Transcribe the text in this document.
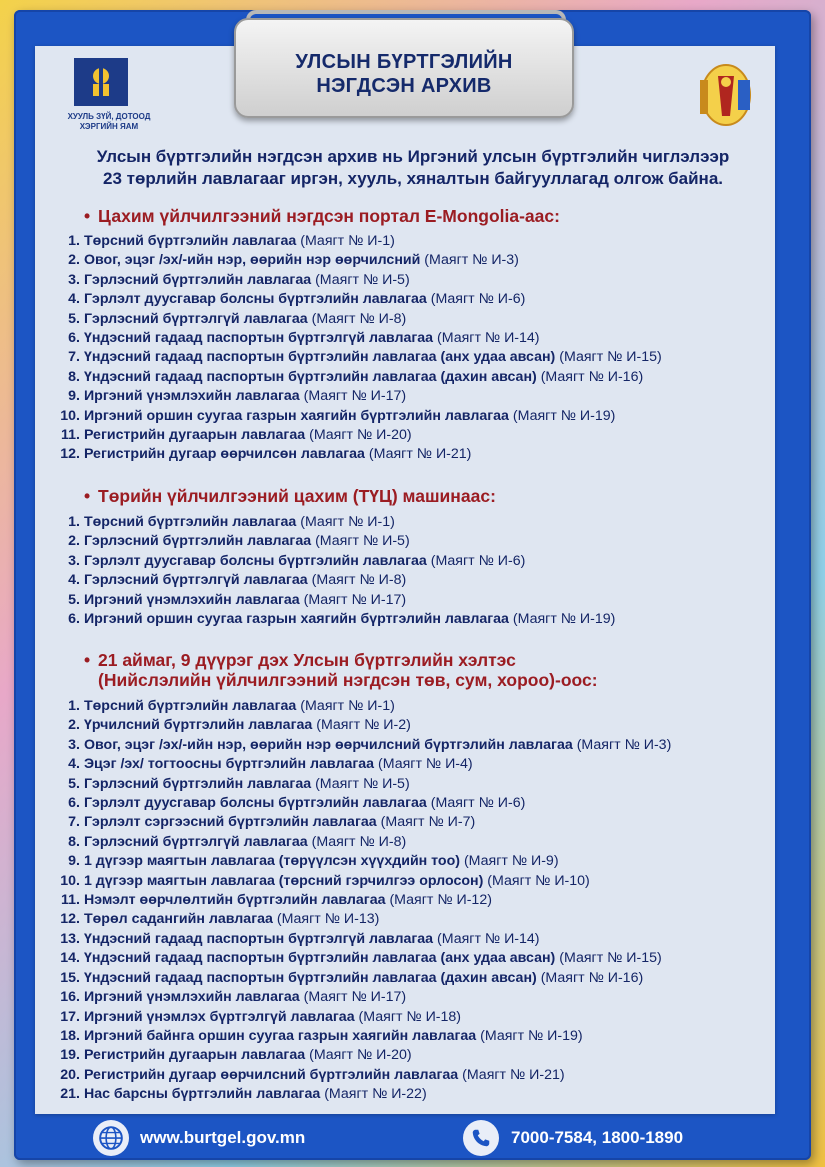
УЛСЫН БҮРТГЭЛИЙН
НЭГДСЭН АРХИВ
ХУУЛЬ ЗҮЙ, ДОТООД ХЭРГИЙН ЯАМ
Улсын бүртгэлийн нэгдсэн архив нь Иргэний улсын бүртгэлийн чиглэлээр
23 төрлийн лавлагааг иргэн, хууль, хяналтын байгууллагад олгож байна.
• Цахим үйлчилгээний нэгдсэн портал E-Mongolia-аас:
1. Төрсний бүртгэлийн лавлагаа (Маягт № И-1)
2. Овог, эцэг /эх/-ийн нэр, өөрийн нэр өөрчилсний (Маягт № И-3)
3. Гэрлэсний бүртгэлийн лавлагаа (Маягт № И-5)
4. Гэрлэлт дуусгавар болсны бүртгэлийн лавлагаа (Маягт № И-6)
5. Гэрлэсний бүртгэлгүй лавлагаа (Маягт № И-8)
6. Үндэсний гадаад паспортын бүртгэлгүй лавлагаа (Маягт № И-14)
7. Үндэсний гадаад паспортын бүртгэлийн лавлагаа (анх удаа авсан) (Маягт № И-15)
8. Үндэсний гадаад паспортын бүртгэлийн лавлагаа (дахин авсан) (Маягт № И-16)
9. Иргэний үнэмлэхийн лавлагаа (Маягт № И-17)
10. Иргэний оршин суугаа газрын хаягийн бүртгэлийн лавлагаа (Маягт № И-19)
11. Регистрийн дугаарын лавлагаа (Маягт № И-20)
12. Регистрийн дугаар өөрчилсөн лавлагаа (Маягт № И-21)
• Төрийн үйлчилгээний цахим (ТҮЦ) машинаас:
1. Төрсний бүртгэлийн лавлагаа (Маягт № И-1)
2. Гэрлэсний бүртгэлийн лавлагаа (Маягт № И-5)
3. Гэрлэлт дуусгавар болсны бүртгэлийн лавлагаа (Маягт № И-6)
4. Гэрлэсний бүртгэлгүй лавлагаа (Маягт № И-8)
5. Иргэний үнэмлэхийн лавлагаа (Маягт № И-17)
6. Иргэний оршин суугаа газрын хаягийн бүртгэлийн лавлагаа (Маягт № И-19)
• 21 аймаг, 9 дүүрэг дэх Улсын бүртгэлийн хэлтэс
(Нийслэлийн үйлчилгээний нэгдсэн төв, сум, хороо)-оос:
1. Төрсний бүртгэлийн лавлагаа (Маягт № И-1)
2. Үрчилсний бүртгэлийн лавлагаа (Маягт № И-2)
3. Овог, эцэг /эх/-ийн нэр, өөрийн нэр өөрчилсний бүртгэлийн лавлагаа (Маягт № И-3)
4. Эцэг /эх/ тогтоосны бүртгэлийн лавлагаа (Маягт № И-4)
5. Гэрлэсний бүртгэлийн лавлагаа (Маягт № И-5)
6. Гэрлэлт дуусгавар болсны бүртгэлийн лавлагаа (Маягт № И-6)
7. Гэрлэлт сэргээсний бүртгэлийн лавлагаа (Маягт № И-7)
8. Гэрлэсний бүртгэлгүй лавлагаа (Маягт № И-8)
9. 1 дүгээр маягтын лавлагаа (төрүүлсэн хүүхдийн тоо) (Маягт № И-9)
10. 1 дүгээр маягтын лавлагаа (төрсний гэрчилгээ орлосон) (Маягт № И-10)
11. Нэмэлт өөрчлөлтийн бүртгэлийн лавлагаа (Маягт № И-12)
12. Төрөл садангийн лавлагаа (Маягт № И-13)
13. Үндэсний гадаад паспортын бүртгэлгүй лавлагаа (Маягт № И-14)
14. Үндэсний гадаад паспортын бүртгэлийн лавлагаа (анх удаа авсан) (Маягт № И-15)
15. Үндэсний гадаад паспортын бүртгэлийн лавлагаа (дахин авсан) (Маягт № И-16)
16. Иргэний үнэмлэхийн лавлагаа (Маягт № И-17)
17. Иргэний үнэмлэх бүртгэлгүй лавлагаа (Маягт № И-18)
18. Иргэний байнга оршин суугаа газрын хаягийн лавлагаа (Маягт № И-19)
19. Регистрийн дугаарын лавлагаа (Маягт № И-20)
20. Регистрийн дугаар өөрчилсний бүртгэлийн лавлагаа (Маягт № И-21)
21. Нас барсны бүртгэлийн лавлагаа (Маягт № И-22)
www.burtgel.gov.mn	7000-7584, 1800-1890
